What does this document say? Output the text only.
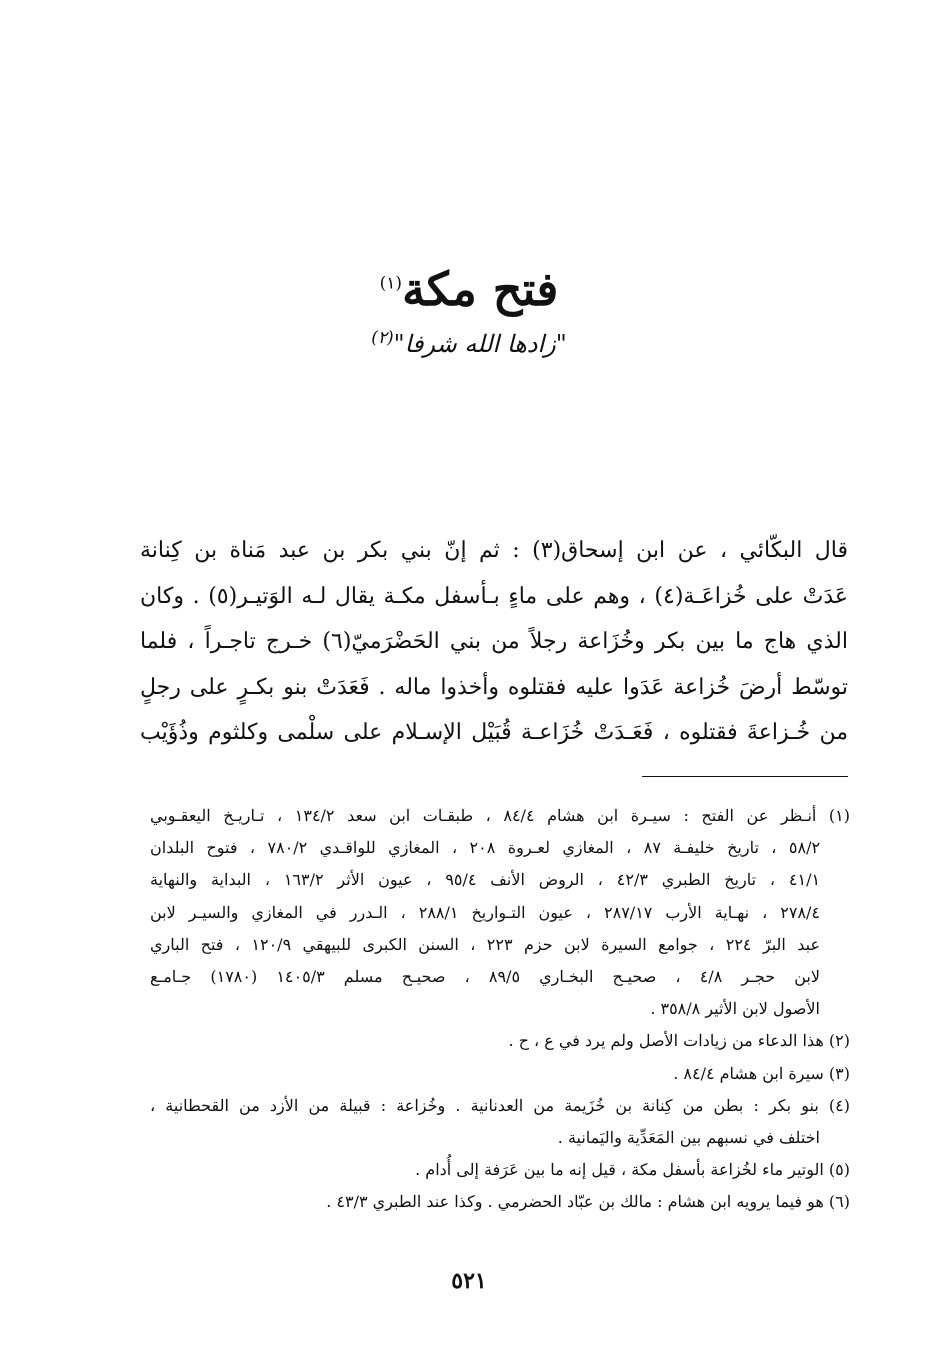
فتح مكة$^{(١)}$
"زادها الله شرفا"$^{(٢)}$
قال البكّائي ، عن ابن إسحاق(٣) : ثم إنّ بني بكر بن عبد مَناة بن كِنانة
عَدَتْ على خُزاعَـة(٤) ، وهم على ماءٍ بـأسفل مكـة يقال لـه الوَتيـر(٥) . وكان
الذي هاج ما بين بكر وخُزَاعة رجلاً من بني الحَضْرَميّ(٦) خـرج تاجـراً ، فلما
توسّط أرضَ خُزاعة عَدَوا عليه فقتلوه وأخذوا ماله . فَعَدَتْ بنو بكـرٍ على رجلٍ
من خُـزاعةَ فقتلوه ، فَعَـدَتْ خُزَاعـة قُبَيْل الإسـلام على سلْمى وكلثوم وذُؤَيْب
(١) أنـظر عن الفتح : سيـرة ابن هشام ٨٤/٤ ، طبقـات ابن سعد ١٣٤/٢ ، تـاريـخ اليعقـوبي
٥٨/٢ ، تاريخ خليفـة ٨٧ ، المغازي لعـروة ٢٠٨ ، المغازي للواقـدي ٧٨٠/٢ ، فتوح البلدان
٤١/١ ، تاريخ الطبري ٤٢/٣ ، الروض الأنف ٩٥/٤ ، عيون الأثر ١٦٣/٢ ، البداية والنهاية
٢٧٨/٤ ، نهـاية الأرب ٢٨٧/١٧ ، عيون التـواريخ ٢٨٨/١ ، الـدرر في المغازي والسيـر لابن
عبد البرّ ٢٢٤ ، جوامع السيرة لابن حزم ٢٢٣ ، السنن الكبرى للبيهقي ١٢٠/٩ ، فتح الباري
لابن حجـر ٤/٨ ، صحيـح البخـاري ٨٩/٥ ، صحيـح مسلم ١٤٠٥/٣ (١٧٨٠) جـامـع
الأصول لابن الأثير ٣٥٨/٨ .
(٢) هذا الدعاء من زيادات الأصل ولم يرد في ع ، ح .
(٣) سيرة ابن هشام ٨٤/٤ .
(٤) بنو بكر : بطن من كِنانة بن خُزَيمة من العدنانية . وخُزاعة : قبيلة من الأزد من القحطانية ،
اختلف في نسبهم بين المَعَدِّية واليَمانية .
(٥) الوتير ماء لخُزاعة بأسفل مكة ، قيل إنه ما بين عَرَفة إلى أُدام .
(٦) هو فيما يرويه ابن هشام : مالك بن عبّاد الحضرمي . وكذا عند الطبري ٤٣/٣ .
٥٢١
